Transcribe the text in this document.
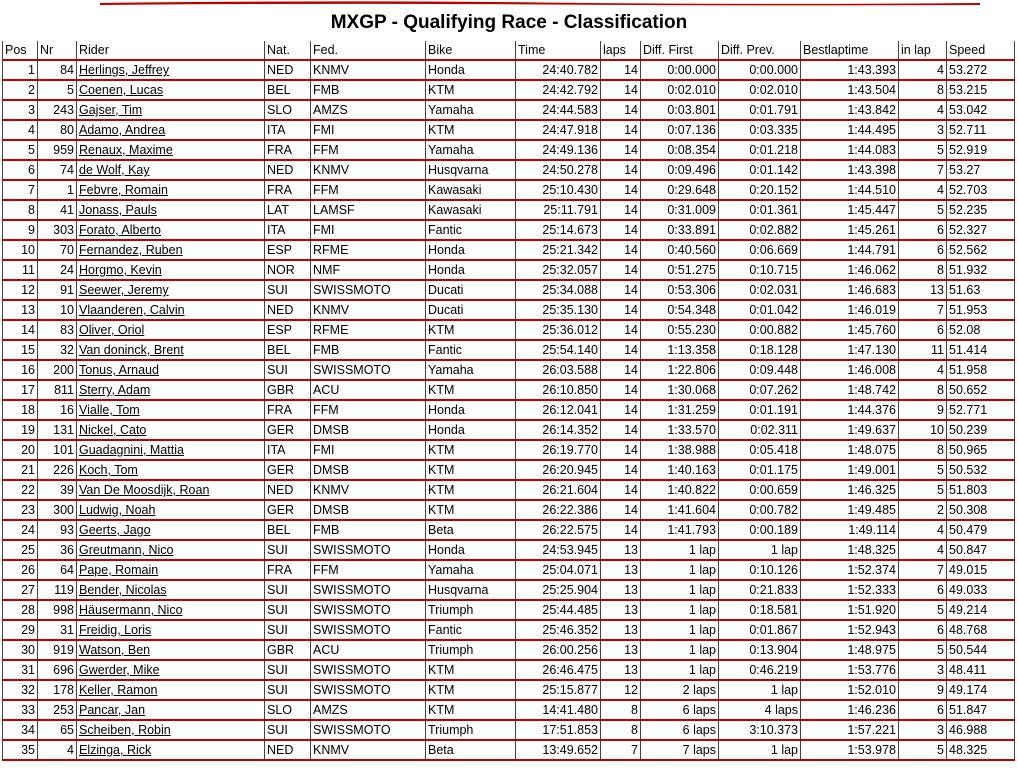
MXGP - Qualifying Race - Classification
Pos	Nr	Rider	Nat.	Fed.	Bike	Time	laps	Diff. First	Diff. Prev.	Bestlaptime	in lap	Speed
1	84	Herlings, Jeffrey	NED	KNMV	Honda	24:40.782	14	0:00.000	0:00.000	1:43.393	4	53.272
2	5	Coenen, Lucas	BEL	FMB	KTM	24:42.792	14	0:02.010	0:02.010	1:43.504	8	53.215
3	243	Gajser, Tim	SLO	AMZS	Yamaha	24:44.583	14	0:03.801	0:01.791	1:43.842	4	53.042
4	80	Adamo, Andrea	ITA	FMI	KTM	24:47.918	14	0:07.136	0:03.335	1:44.495	3	52.711
5	959	Renaux, Maxime	FRA	FFM	Yamaha	24:49.136	14	0:08.354	0:01.218	1:44.083	5	52.919
6	74	de Wolf, Kay	NED	KNMV	Husqvarna	24:50.278	14	0:09.496	0:01.142	1:43.398	7	53.27
7	1	Febvre, Romain	FRA	FFM	Kawasaki	25:10.430	14	0:29.648	0:20.152	1:44.510	4	52.703
8	41	Jonass, Pauls	LAT	LAMSF	Kawasaki	25:11.791	14	0:31.009	0:01.361	1:45.447	5	52.235
9	303	Forato, Alberto	ITA	FMI	Fantic	25:14.673	14	0:33.891	0:02.882	1:45.261	6	52.327
10	70	Fernandez, Ruben	ESP	RFME	Honda	25:21.342	14	0:40.560	0:06.669	1:44.791	6	52.562
11	24	Horgmo, Kevin	NOR	NMF	Honda	25:32.057	14	0:51.275	0:10.715	1:46.062	8	51.932
12	91	Seewer, Jeremy	SUI	SWISSMOTO	Ducati	25:34.088	14	0:53.306	0:02.031	1:46.683	13	51.63
13	10	Vlaanderen, Calvin	NED	KNMV	Ducati	25:35.130	14	0:54.348	0:01.042	1:46.019	7	51.953
14	83	Oliver, Oriol	ESP	RFME	KTM	25:36.012	14	0:55.230	0:00.882	1:45.760	6	52.08
15	32	Van doninck, Brent	BEL	FMB	Fantic	25:54.140	14	1:13.358	0:18.128	1:47.130	11	51.414
16	200	Tonus, Arnaud	SUI	SWISSMOTO	Yamaha	26:03.588	14	1:22.806	0:09.448	1:46.008	4	51.958
17	811	Sterry, Adam	GBR	ACU	KTM	26:10.850	14	1:30.068	0:07.262	1:48.742	8	50.652
18	16	Vialle, Tom	FRA	FFM	Honda	26:12.041	14	1:31.259	0:01.191	1:44.376	9	52.771
19	131	Nickel, Cato	GER	DMSB	Honda	26:14.352	14	1:33.570	0:02.311	1:49.637	10	50.239
20	101	Guadagnini, Mattia	ITA	FMI	KTM	26:19.770	14	1:38.988	0:05.418	1:48.075	8	50.965
21	226	Koch, Tom	GER	DMSB	KTM	26:20.945	14	1:40.163	0:01.175	1:49.001	5	50.532
22	39	Van De Moosdijk, Roan	NED	KNMV	KTM	26:21.604	14	1:40.822	0:00.659	1:46.325	5	51.803
23	300	Ludwig, Noah	GER	DMSB	KTM	26:22.386	14	1:41.604	0:00.782	1:49.485	2	50.308
24	93	Geerts, Jago	BEL	FMB	Beta	26:22.575	14	1:41.793	0:00.189	1:49.114	4	50.479
25	36	Greutmann, Nico	SUI	SWISSMOTO	Honda	24:53.945	13	1 lap	1 lap	1:48.325	4	50.847
26	64	Pape, Romain	FRA	FFM	Yamaha	25:04.071	13	1 lap	0:10.126	1:52.374	7	49.015
27	119	Bender, Nicolas	SUI	SWISSMOTO	Husqvarna	25:25.904	13	1 lap	0:21.833	1:52.333	6	49.033
28	998	Häusermann, Nico	SUI	SWISSMOTO	Triumph	25:44.485	13	1 lap	0:18.581	1:51.920	5	49.214
29	31	Freidig, Loris	SUI	SWISSMOTO	Fantic	25:46.352	13	1 lap	0:01.867	1:52.943	6	48.768
30	919	Watson, Ben	GBR	ACU	Triumph	26:00.256	13	1 lap	0:13.904	1:48.975	5	50.544
31	696	Gwerder, Mike	SUI	SWISSMOTO	KTM	26:46.475	13	1 lap	0:46.219	1:53.776	3	48.411
32	178	Keller, Ramon	SUI	SWISSMOTO	KTM	25:15.877	12	2 laps	1 lap	1:52.010	9	49.174
33	253	Pancar, Jan	SLO	AMZS	KTM	14:41.480	8	6 laps	4 laps	1:46.236	6	51.847
34	65	Scheiben, Robin	SUI	SWISSMOTO	Triumph	17:51.853	8	6 laps	3:10.373	1:57.221	3	46.988
35	4	Elzinga, Rick	NED	KNMV	Beta	13:49.652	7	7 laps	1 lap	1:53.978	5	48.325
